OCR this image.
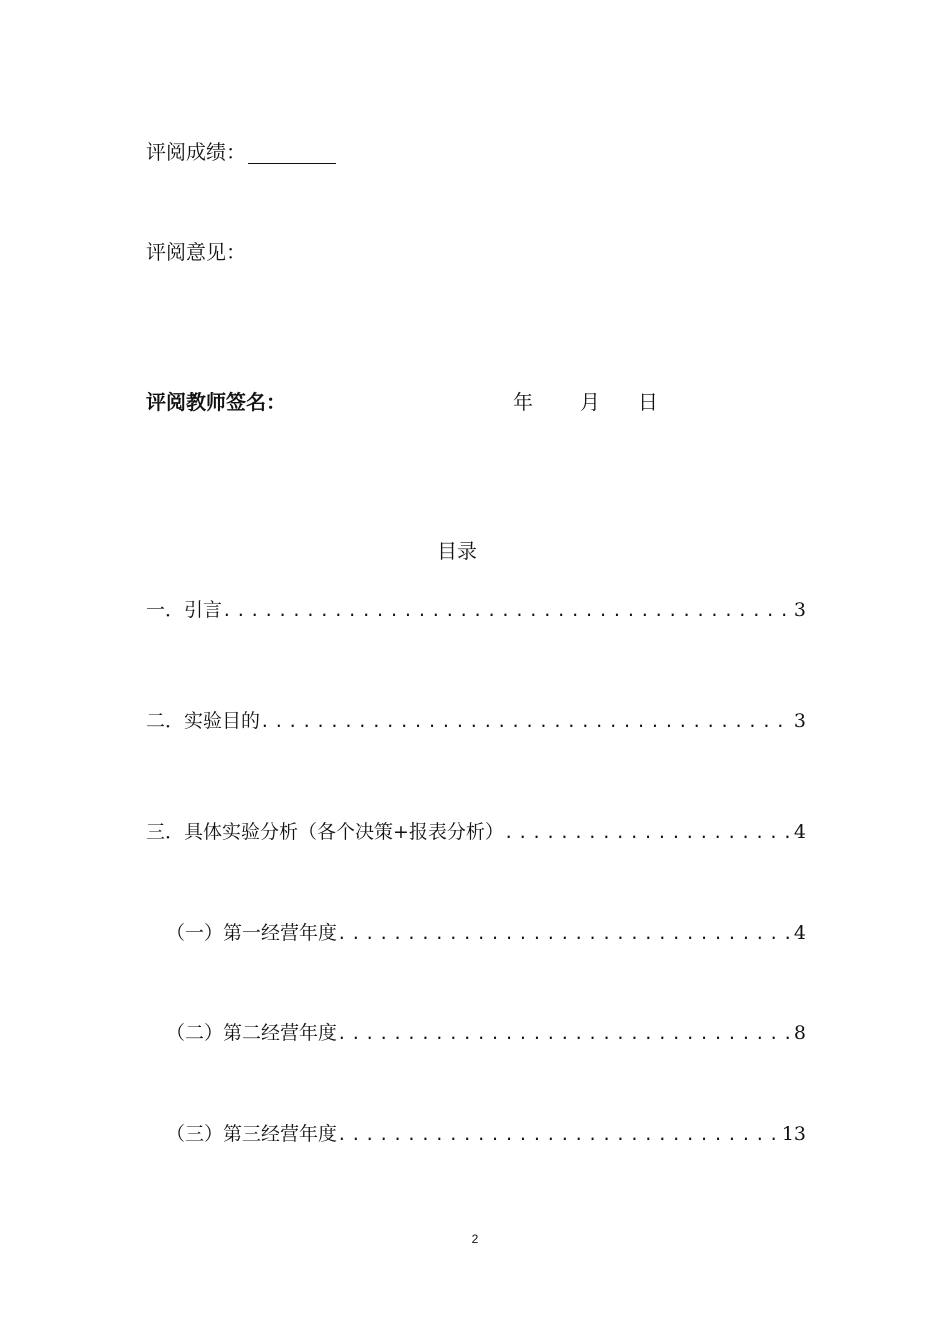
评阅成绩：
评阅意见：
评阅教师签名：	年 月 日
目录
一．引言 .....	3
二．实验目的 .....	3
三．具体实验分析（各个决策+报表分析） .....	4
（一）第一经营年度 .....	4
（二）第二经营年度 .....	8
（三）第三经营年度 .....	13
2
